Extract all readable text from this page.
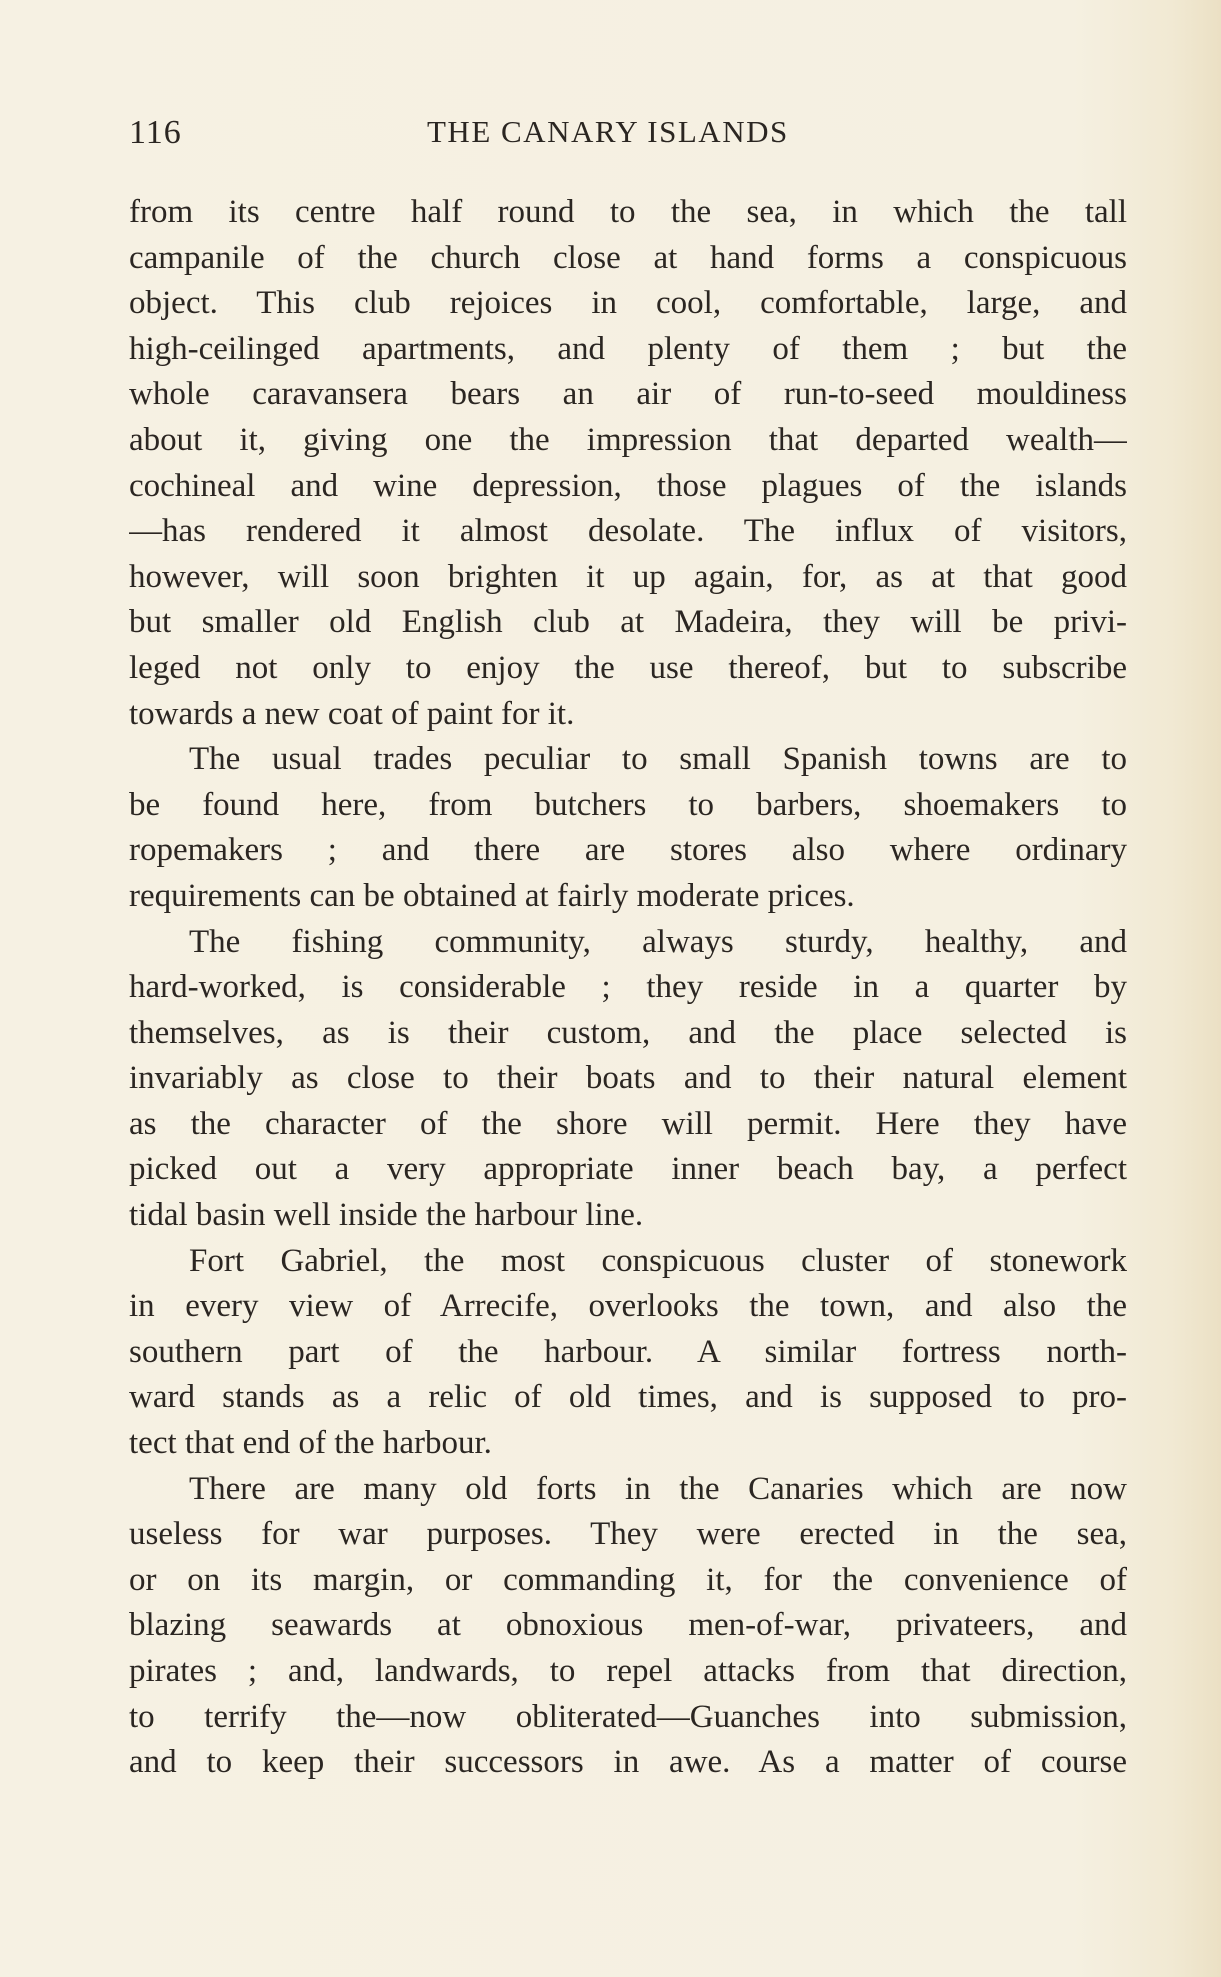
116	THE CANARY ISLANDS
from its centre half round to the sea, in which the tall
campanile of the church close at hand forms a conspicuous
object. This club rejoices in cool, comfortable, large, and
high-ceilinged apartments, and plenty of them ; but the
whole caravansera bears an air of run-to-seed mouldiness
about it, giving one the impression that departed wealth—
cochineal and wine depression, those plagues of the islands
—has rendered it almost desolate. The influx of visitors,
however, will soon brighten it up again, for, as at that good
but smaller old English club at Madeira, they will be privi-
leged not only to enjoy the use thereof, but to subscribe
towards a new coat of paint for it.
The usual trades peculiar to small Spanish towns are to
be found here, from butchers to barbers, shoemakers to
ropemakers ; and there are stores also where ordinary
requirements can be obtained at fairly moderate prices.
The fishing community, always sturdy, healthy, and
hard-worked, is considerable ; they reside in a quarter by
themselves, as is their custom, and the place selected is
invariably as close to their boats and to their natural element
as the character of the shore will permit. Here they have
picked out a very appropriate inner beach bay, a perfect
tidal basin well inside the harbour line.
Fort Gabriel, the most conspicuous cluster of stonework
in every view of Arrecife, overlooks the town, and also the
southern part of the harbour. A similar fortress north-
ward stands as a relic of old times, and is supposed to pro-
tect that end of the harbour.
There are many old forts in the Canaries which are now
useless for war purposes. They were erected in the sea,
or on its margin, or commanding it, for the convenience of
blazing seawards at obnoxious men-of-war, privateers, and
pirates ; and, landwards, to repel attacks from that direction,
to terrify the—now obliterated—Guanches into submission,
and to keep their successors in awe. As a matter of course
